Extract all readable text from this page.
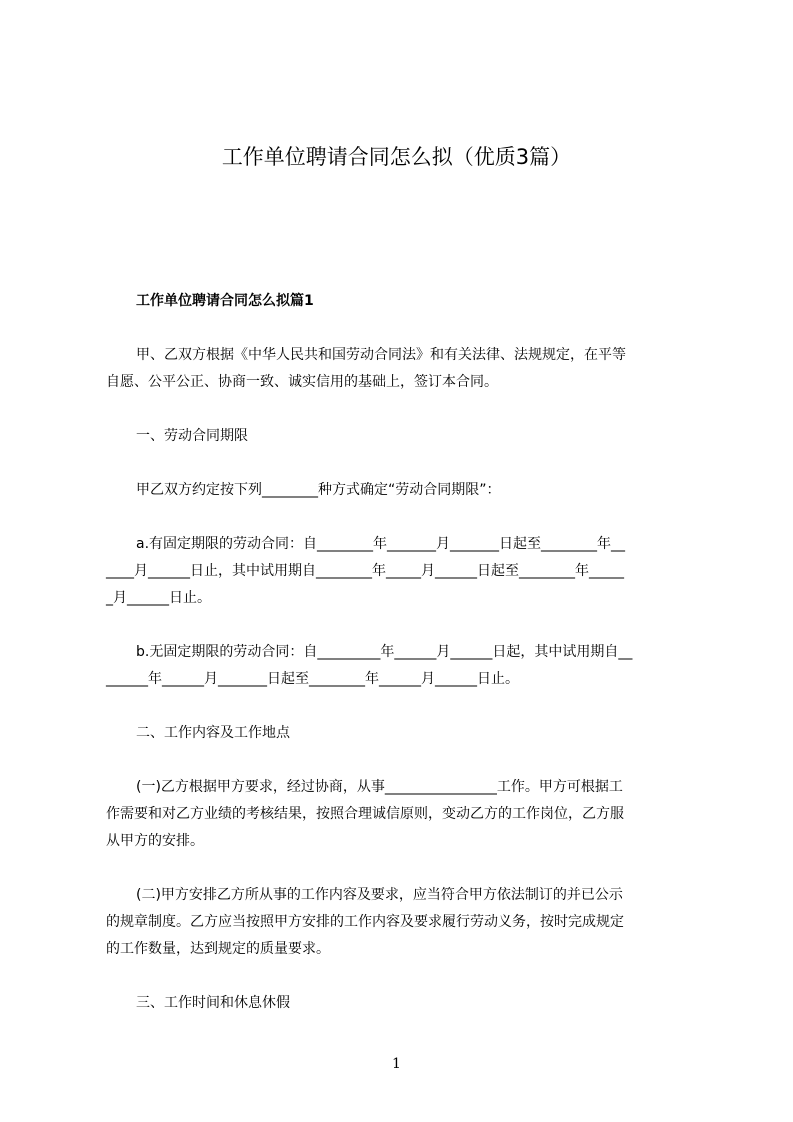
工作单位聘请合同怎么拟（优质3篇）
工作单位聘请合同怎么拟篇1
甲、乙双方根据《中华人民共和国劳动合同法》和有关法律、法规规定，在平等
自愿、公平公正、协商一致、诚实信用的基础上，签订本合同。
一、劳动合同期限
甲乙双方约定按下列________种方式确定“劳动合同期限”：
a.有固定期限的劳动合同：自________年_______月_______日起至________年__
____月______日止，其中试用期自________年_____月______日起至________年_____
_月______日止。
b.无固定期限的劳动合同：自_________年______月______日起，其中试用期自__
______年______月_______日起至________年______月______日止。
二、工作内容及工作地点
(一)乙方根据甲方要求，经过协商，从事________________工作。甲方可根据工
作需要和对乙方业绩的考核结果，按照合理诚信原则，变动乙方的工作岗位，乙方服
从甲方的安排。
(二)甲方安排乙方所从事的工作内容及要求，应当符合甲方依法制订的并已公示
的规章制度。乙方应当按照甲方安排的工作内容及要求履行劳动义务，按时完成规定
的工作数量，达到规定的质量要求。
三、工作时间和休息休假
1
